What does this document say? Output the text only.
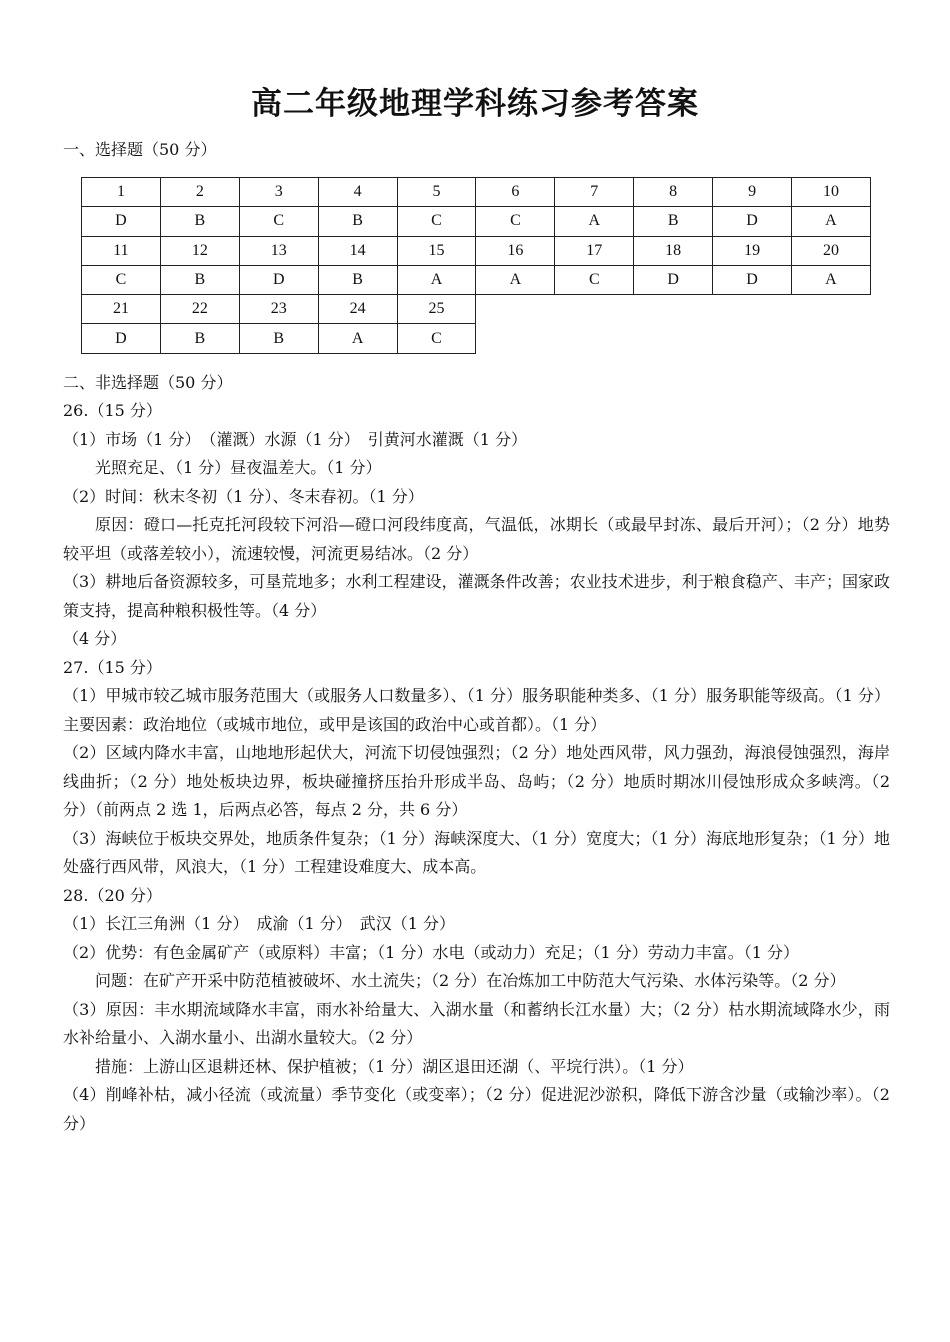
高二年级地理学科练习参考答案
一、选择题（50 分）
1	2	3	4	5	6	7	8	9	10
D	B	C	B	C	C	A	B	D	A
11	12	13	14	15	16	17	18	19	20
C	B	D	B	A	A	C	D	D	A
21	22	23	24	25					
D	B	B	A	C					
二、非选择题（50 分）

26.（15 分）

（1）市场（1 分）　（灌溉）水源（1 分）　引黄河水灌溉（1 分）

光照充足、（1 分）昼夜温差大。（1 分）

（2）时间：秋末冬初（1 分）、冬末春初。（1 分）

原因：磴口—托克托河段较下河沿—磴口河段纬度高，气温低，冰期长（或最早封冻、最后开河）；（2 分）地势较平坦（或落差较小），流速较慢，河流更易结冰。（2 分）

（3）耕地后备资源较多，可垦荒地多；水利工程建设，灌溉条件改善；农业技术进步，利于粮食稳产、丰产；国家政策支持，提高种粮积极性等。（4 分）

（4 分）

27.（15 分）

（1）甲城市较乙城市服务范围大（或服务人口数量多）、（1 分）服务职能种类多、（1 分）服务职能等级高。（1 分）主要因素：政治地位（或城市地位，或甲是该国的政治中心或首都）。（1 分）

（2）区域内降水丰富，山地地形起伏大，河流下切侵蚀强烈；（2 分）地处西风带，风力强劲，海浪侵蚀强烈，海岸线曲折；（2 分）地处板块边界，板块碰撞挤压抬升形成半岛、岛屿；（2 分）地质时期冰川侵蚀形成众多峡湾。（2 分）（前两点 2 选 1，后两点必答，每点 2 分，共 6 分）

（3）海峡位于板块交界处，地质条件复杂；（1 分）海峡深度大、（1 分）宽度大；（1 分）海底地形复杂；（1 分）地处盛行西风带，风浪大，（1 分）工程建设难度大、成本高。

28.（20 分）

（1）长江三角洲（1 分）　成渝（1 分）　武汉（1 分）

（2）优势：有色金属矿产（或原料）丰富；（1 分）水电（或动力）充足；（1 分）劳动力丰富。（1 分）

问题：在矿产开采中防范植被破坏、水土流失；（2 分）在冶炼加工中防范大气污染、水体污染等。（2 分）

（3）原因：丰水期流域降水丰富，雨水补给量大、入湖水量（和蓄纳长江水量）大；（2 分）枯水期流域降水少，雨水补给量小、入湖水量小、出湖水量较大。（2 分）

措施：上游山区退耕还林、保护植被；（1 分）湖区退田还湖（、平垸行洪）。（1 分）

（4）削峰补枯，减小径流（或流量）季节变化（或变率）；（2 分）促进泥沙淤积，降低下游含沙量（或输沙率）。（2 分）
